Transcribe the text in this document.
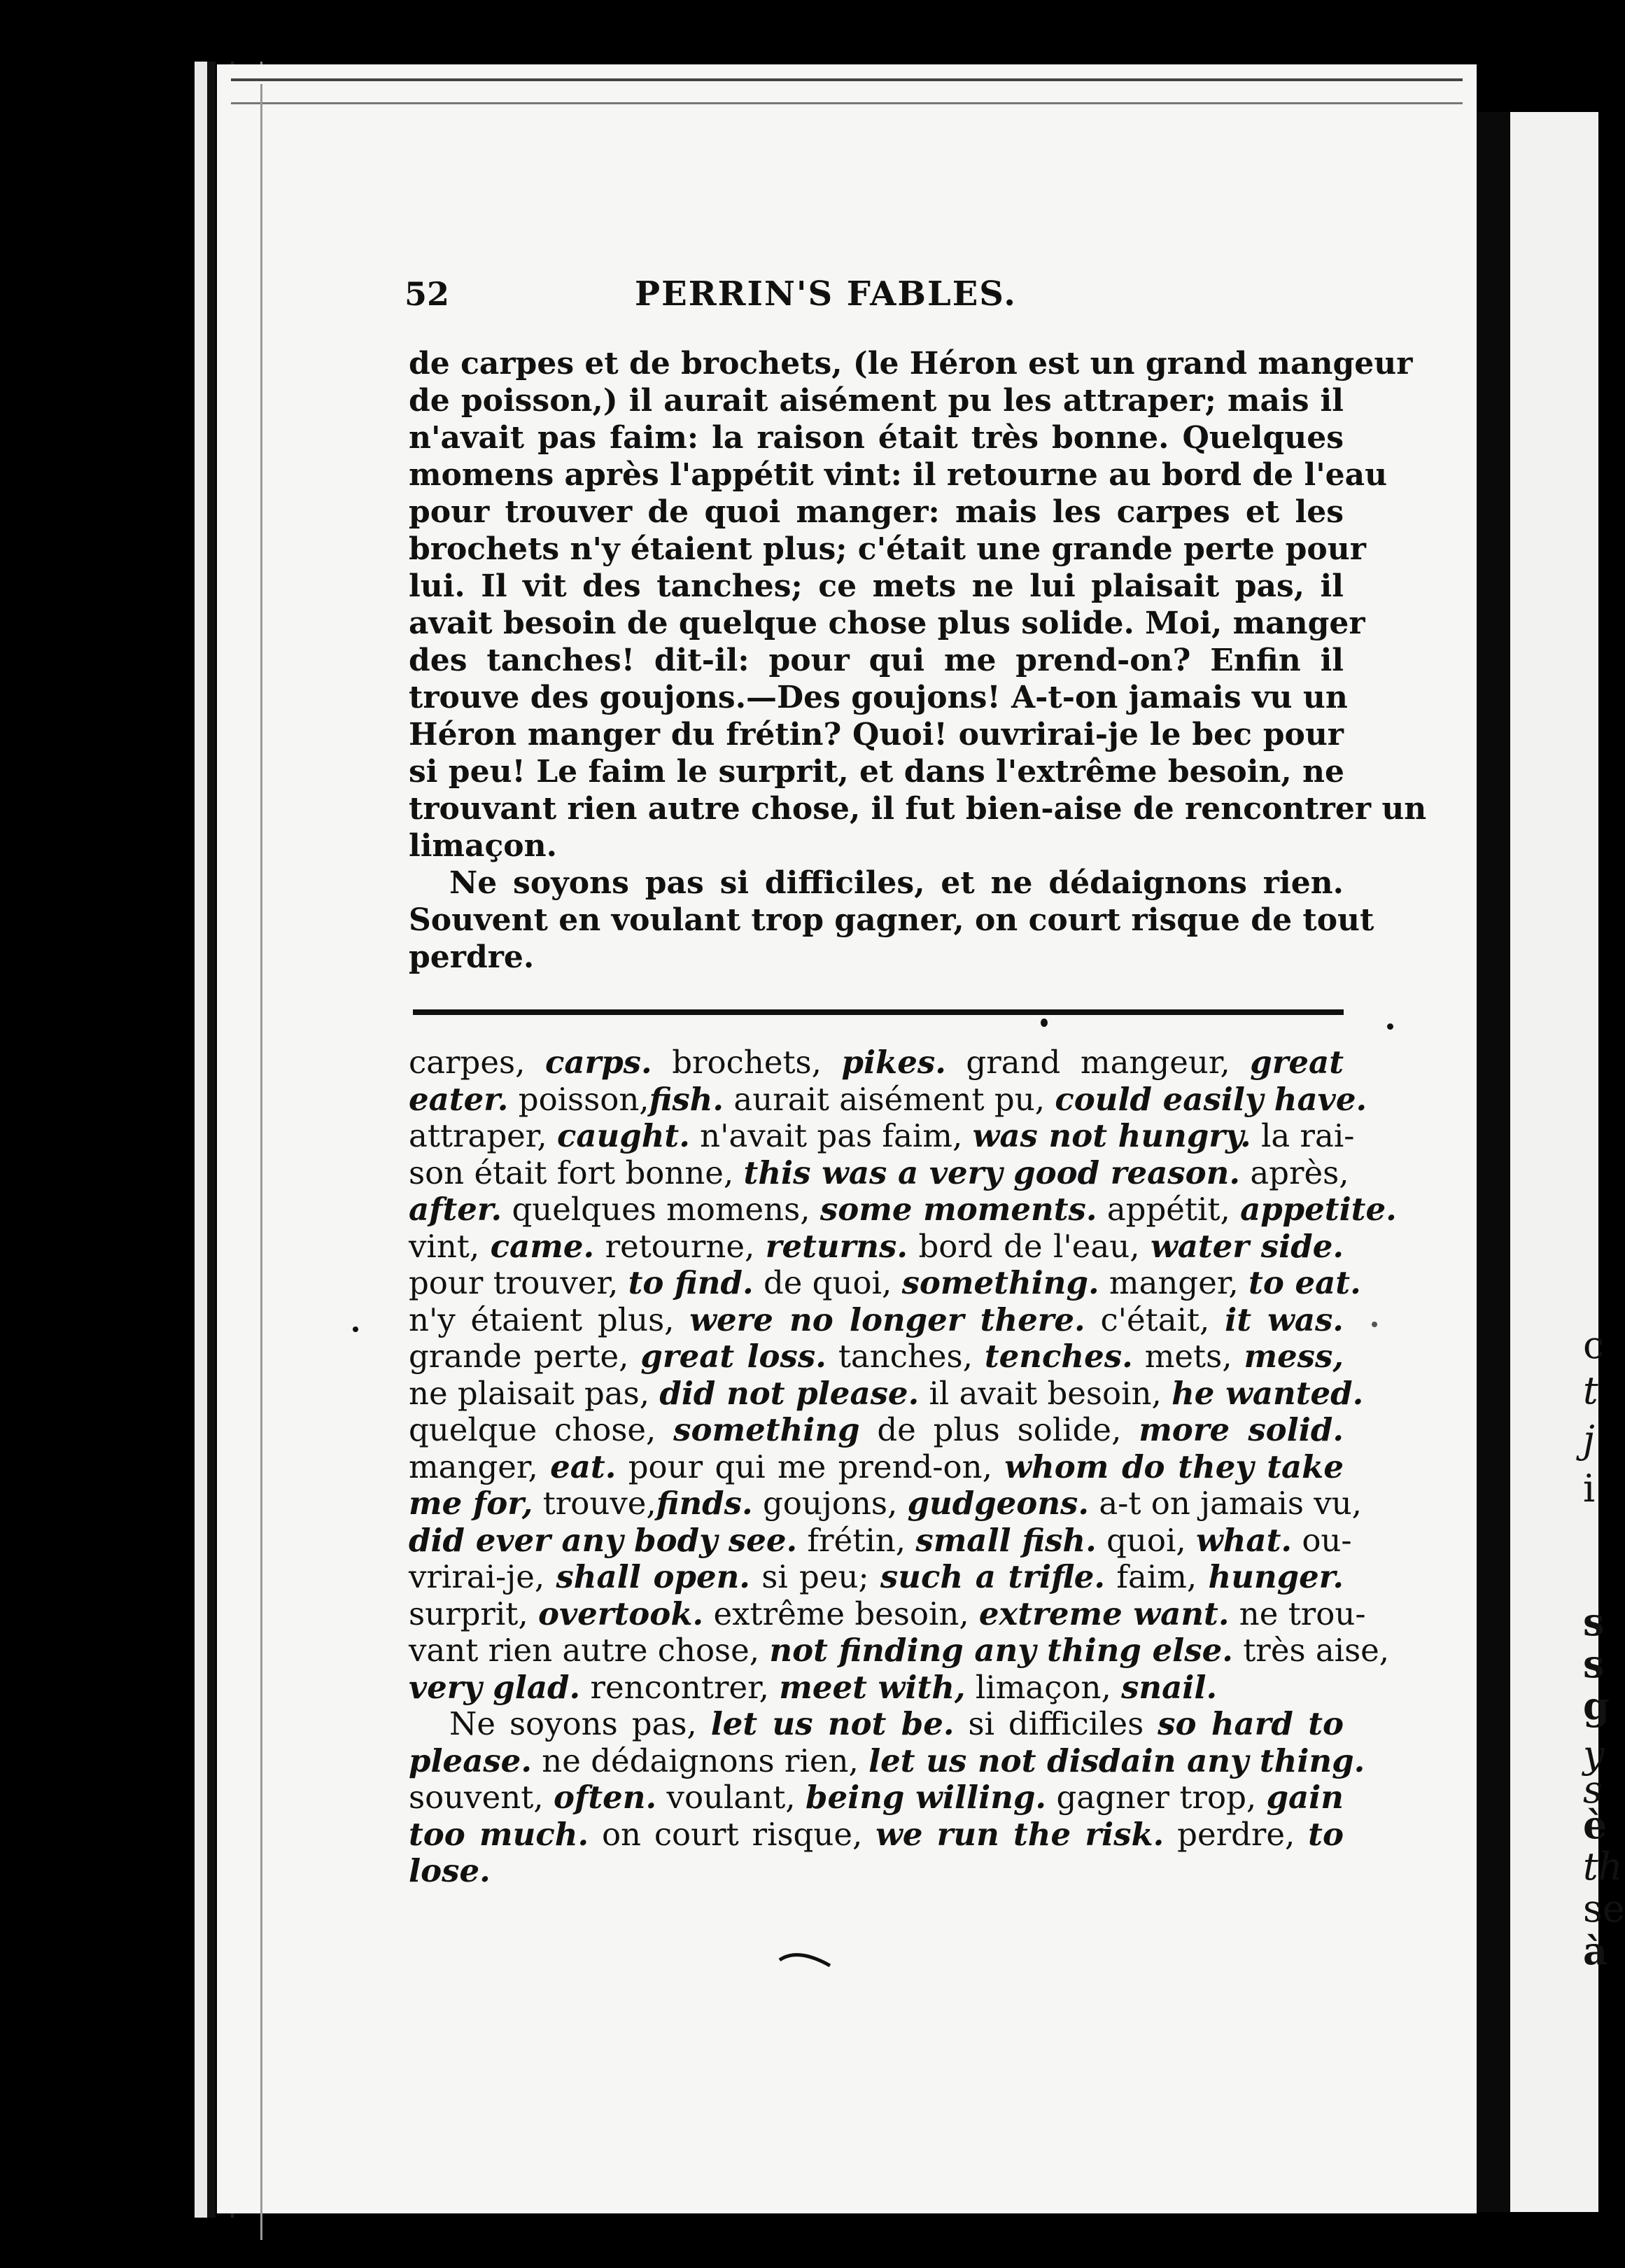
52	PERRIN'S FABLES.
de carpes et de brochets, (le Héron est un grand mangeur
de poisson,) il aurait aisément pu les attraper; mais il
n'avait pas faim: la raison était très bonne. Quelques
momens après l'appétit vint: il retourne au bord de l'eau
pour trouver de quoi manger: mais les carpes et les
brochets n'y étaient plus; c'était une grande perte pour
lui. Il vit des tanches; ce mets ne lui plaisait pas, il
avait besoin de quelque chose plus solide. Moi, manger
des tanches! dit-il: pour qui me prend-on? Enfin il
trouve des goujons.—Des goujons! A-t-on jamais vu un
Héron manger du frétin? Quoi! ouvrirai-je le bec pour
si peu! Le faim le surprit, et dans l'extrême besoin, ne
trouvant rien autre chose, il fut bien-aise de rencontrer un
limaçon.
Ne soyons pas si difficiles, et ne dédaignons rien.
Souvent en voulant trop gagner, on court risque de tout
perdre.
carpes, carps. brochets, pikes. grand mangeur, great
eater. poisson,fish. aurait aisément pu, could easily have.
attraper, caught. n'avait pas faim, was not hungry. la rai-
son était fort bonne, this was a very good reason. après,
after. quelques momens, some moments. appétit, appetite.
vint, came. retourne, returns. bord de l'eau, water side.
pour trouver, to find. de quoi, something. manger, to eat.
n'y étaient plus, were no longer there. c'était, it was.
grande perte, great loss. tanches, tenches. mets, mess,
ne plaisait pas, did not please. il avait besoin, he wanted.
quelque chose, something de plus solide, more solid.
manger, eat. pour qui me prend-on, whom do they take
me for, trouve,finds. goujons, gudgeons. a-t on jamais vu,
did ever any body see. frétin, small fish. quoi, what. ou-
vrirai-je, shall open. si peu; such a trifle. faim, hunger.
surprit, overtook. extrême besoin, extreme want. ne trou-
vant rien autre chose, not finding any thing else. très aise,
very glad. rencontrer, meet with, limaçon, snail.
Ne soyons pas, let us not be. si difficiles so hard to
please. ne dédaignons rien, let us not disdain any thing.
souvent, often. voulant, being willing. gagner trop, gain
too much. on court risque, we run the risk. perdre, to
lose.
c
t
j
i
s
s
g
y
s
è
th
se
à
